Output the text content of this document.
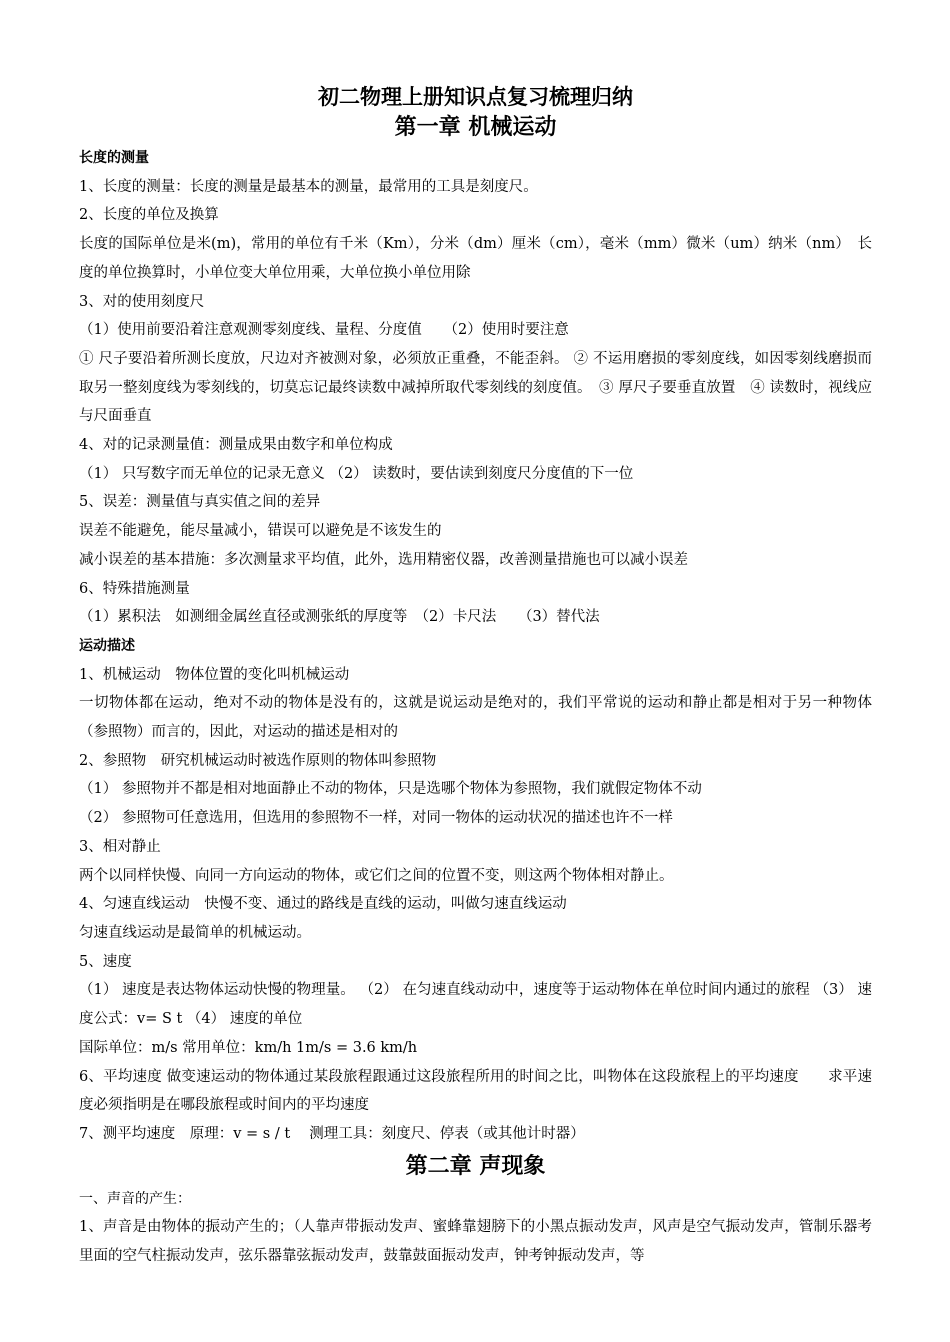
初二物理上册知识点复习梳理归纳
第一章 机械运动

长度的测量

1、长度的测量：长度的测量是最基本的测量，最常用的工具是刻度尺。

2、长度的单位及换算

长度的国际单位是米(m)，常用的单位有千米（Km），分米（dm）厘米（cm），毫米（mm）微米（um）纳米（nm）　长度的单位换算时，小单位变大单位用乘，大单位换小单位用除

3、对的使用刻度尺

（1）使用前要沿着注意观测零刻度线、量程、分度值　　（2）使用时要注意

① 尺子要沿着所测长度放，尺边对齐被测对象，必须放正重叠，不能歪斜。 ② 不运用磨损的零刻度线，如因零刻线磨损而取另一整刻度线为零刻线的，切莫忘记最终读数中减掉所取代零刻线的刻度值。　③ 厚尺子要垂直放置　④ 读数时，视线应与尺面垂直

4、对的记录测量值：测量成果由数字和单位构成

（1） 只写数字而无单位的记录无意义 （2） 读数时，要估读到刻度尺分度值的下一位

5、误差：测量值与真实值之间的差异

误差不能避免，能尽量减小，错误可以避免是不该发生的

减小误差的基本措施：多次测量求平均值，此外，选用精密仪器，改善测量措施也可以减小误差

6、特殊措施测量

（1）累积法　如测细金属丝直径或测张纸的厚度等　（2）卡尺法　　（3）替代法

运动描述

1、机械运动　物体位置的变化叫机械运动

一切物体都在运动，绝对不动的物体是没有的，这就是说运动是绝对的，我们平常说的运动和静止都是相对于另一种物体（参照物）而言的，因此，对运动的描述是相对的

2、参照物　研究机械运动时被选作原则的物体叫参照物

（1） 参照物并不都是相对地面静止不动的物体，只是选哪个物体为参照物，我们就假定物体不动

（2） 参照物可任意选用，但选用的参照物不一样，对同一物体的运动状况的描述也许不一样

3、相对静止

两个以同样快慢、向同一方向运动的物体，或它们之间的位置不变，则这两个物体相对静止。

4、匀速直线运动　快慢不变、通过的路线是直线的运动，叫做匀速直线运动

匀速直线运动是最简单的机械运动。

5、速度

（1） 速度是表达物体运动快慢的物理量。 （2） 在匀速直线动动中，速度等于运动物体在单位时间内通过的旅程 （3） 速度公式：v= S t （4） 速度的单位

国际单位：m/s 常用单位：km/h 1m/s = 3.6 km/h

6、平均速度 做变速运动的物体通过某段旅程跟通过这段旅程所用的时间之比，叫物体在这段旅程上的平均速度　　求平速度必须指明是在哪段旅程或时间内的平均速度

7、测平均速度　原理：v = s / t　 测理工具：刻度尺、停表（或其他计时器）

第二章 声现象

一、声音的产生：

1、声音是由物体的振动产生的；（人靠声带振动发声、蜜蜂靠翅膀下的小黑点振动发声，风声是空气振动发声，管制乐器考里面的空气柱振动发声，弦乐器靠弦振动发声，鼓靠鼓面振动发声，钟考钟振动发声，等
